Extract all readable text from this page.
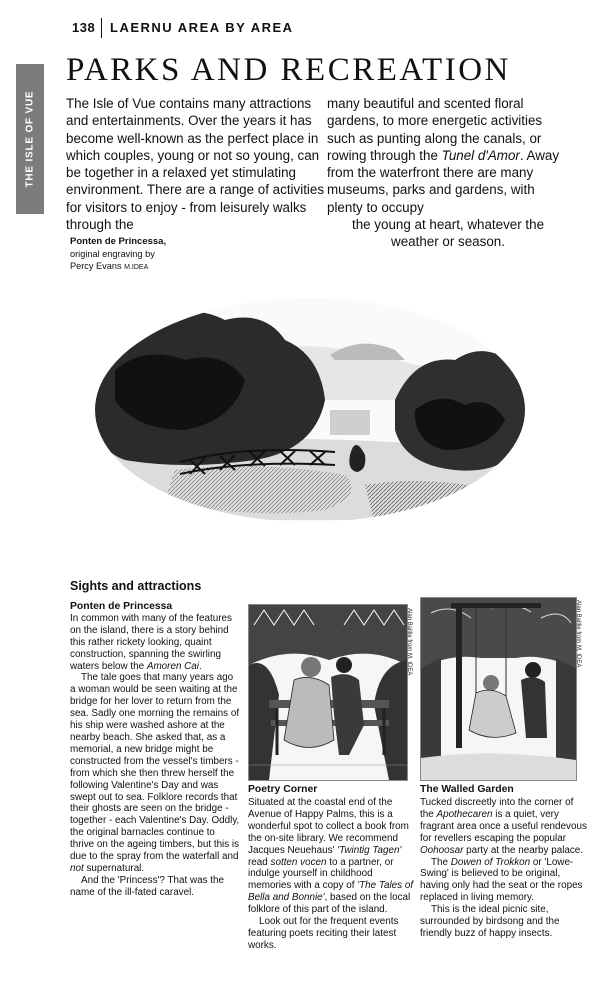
138 LAERNU AREA BY AREA
THE ISLE OF VUE
PARKS AND RECREATION
The Isle of Vue contains many attractions and entertainments. Over the years it has become well-known as the perfect place in which couples, young or not so young, can be together in a relaxed yet stimulating environment. There are a range of activities for visitors to enjoy - from leisurely walks through the
many beautiful and scented floral gardens, to more energetic activities such as punting along the canals, or rowing through the Tunel d'Amor. Away from the waterfront there are many museums, parks and gardens, with plenty to occupy
the young at heart, whatever the weather or season.
Ponten de Princessa,
original engraving by
Percy Evans M.IDEA
Sights and attractions
Ponten de Princessa

In common with many of the features on the island, there is a story behind this rather rickety looking, quaint construction, spanning the swirling waters below the Amoren Cai.

The tale goes that many years ago a woman would be seen waiting at the bridge for her lover to return from the sea. Sadly one morning the remains of his ship were washed ashore at the nearby beach. She asked that, as a memorial, a new bridge might be constructed from the vessel's timbers - from which she then threw herself the following Valentine's Day and was swept out to sea. Folklore records that their ghosts are seen on the bridge - together - each Valentine's Day. Oddly, the original barnacles continue to thrive on the ageing timbers, but this is due to the spray from the waterfall and not supernatural.

And the 'Princess'? That was the name of the ill-fated caravel.

Alan Baillie from M. IDEA	Alan Baillie from M. IDEA
Poetry Corner

Situated at the coastal end of the Avenue of Happy Palms, this is a wonderful spot to collect a book from the on-site library. We recommend Jacques Neuehaus' 'Twintig Tagen' read sotten vocen to a partner, or indulge yourself in childhood memories with a copy of 'The Tales of Bella and Bonnie', based on the local folklore of this part of the island.

Look out for the frequent events featuring poets reciting their latest works.

The Walled Garden

Tucked discreetly into the corner of the Apothecaren is a quiet, very fragrant area once a useful rendevous for revellers escaping the popular Oohoosar party at the nearby palace.

The Dowen of Trokkon or 'Lowe-Swing' is believed to be original, having only had the seat or the ropes replaced in living memory.

This is the ideal picnic site, surrounded by birdsong and the friendly buzz of happy insects.
